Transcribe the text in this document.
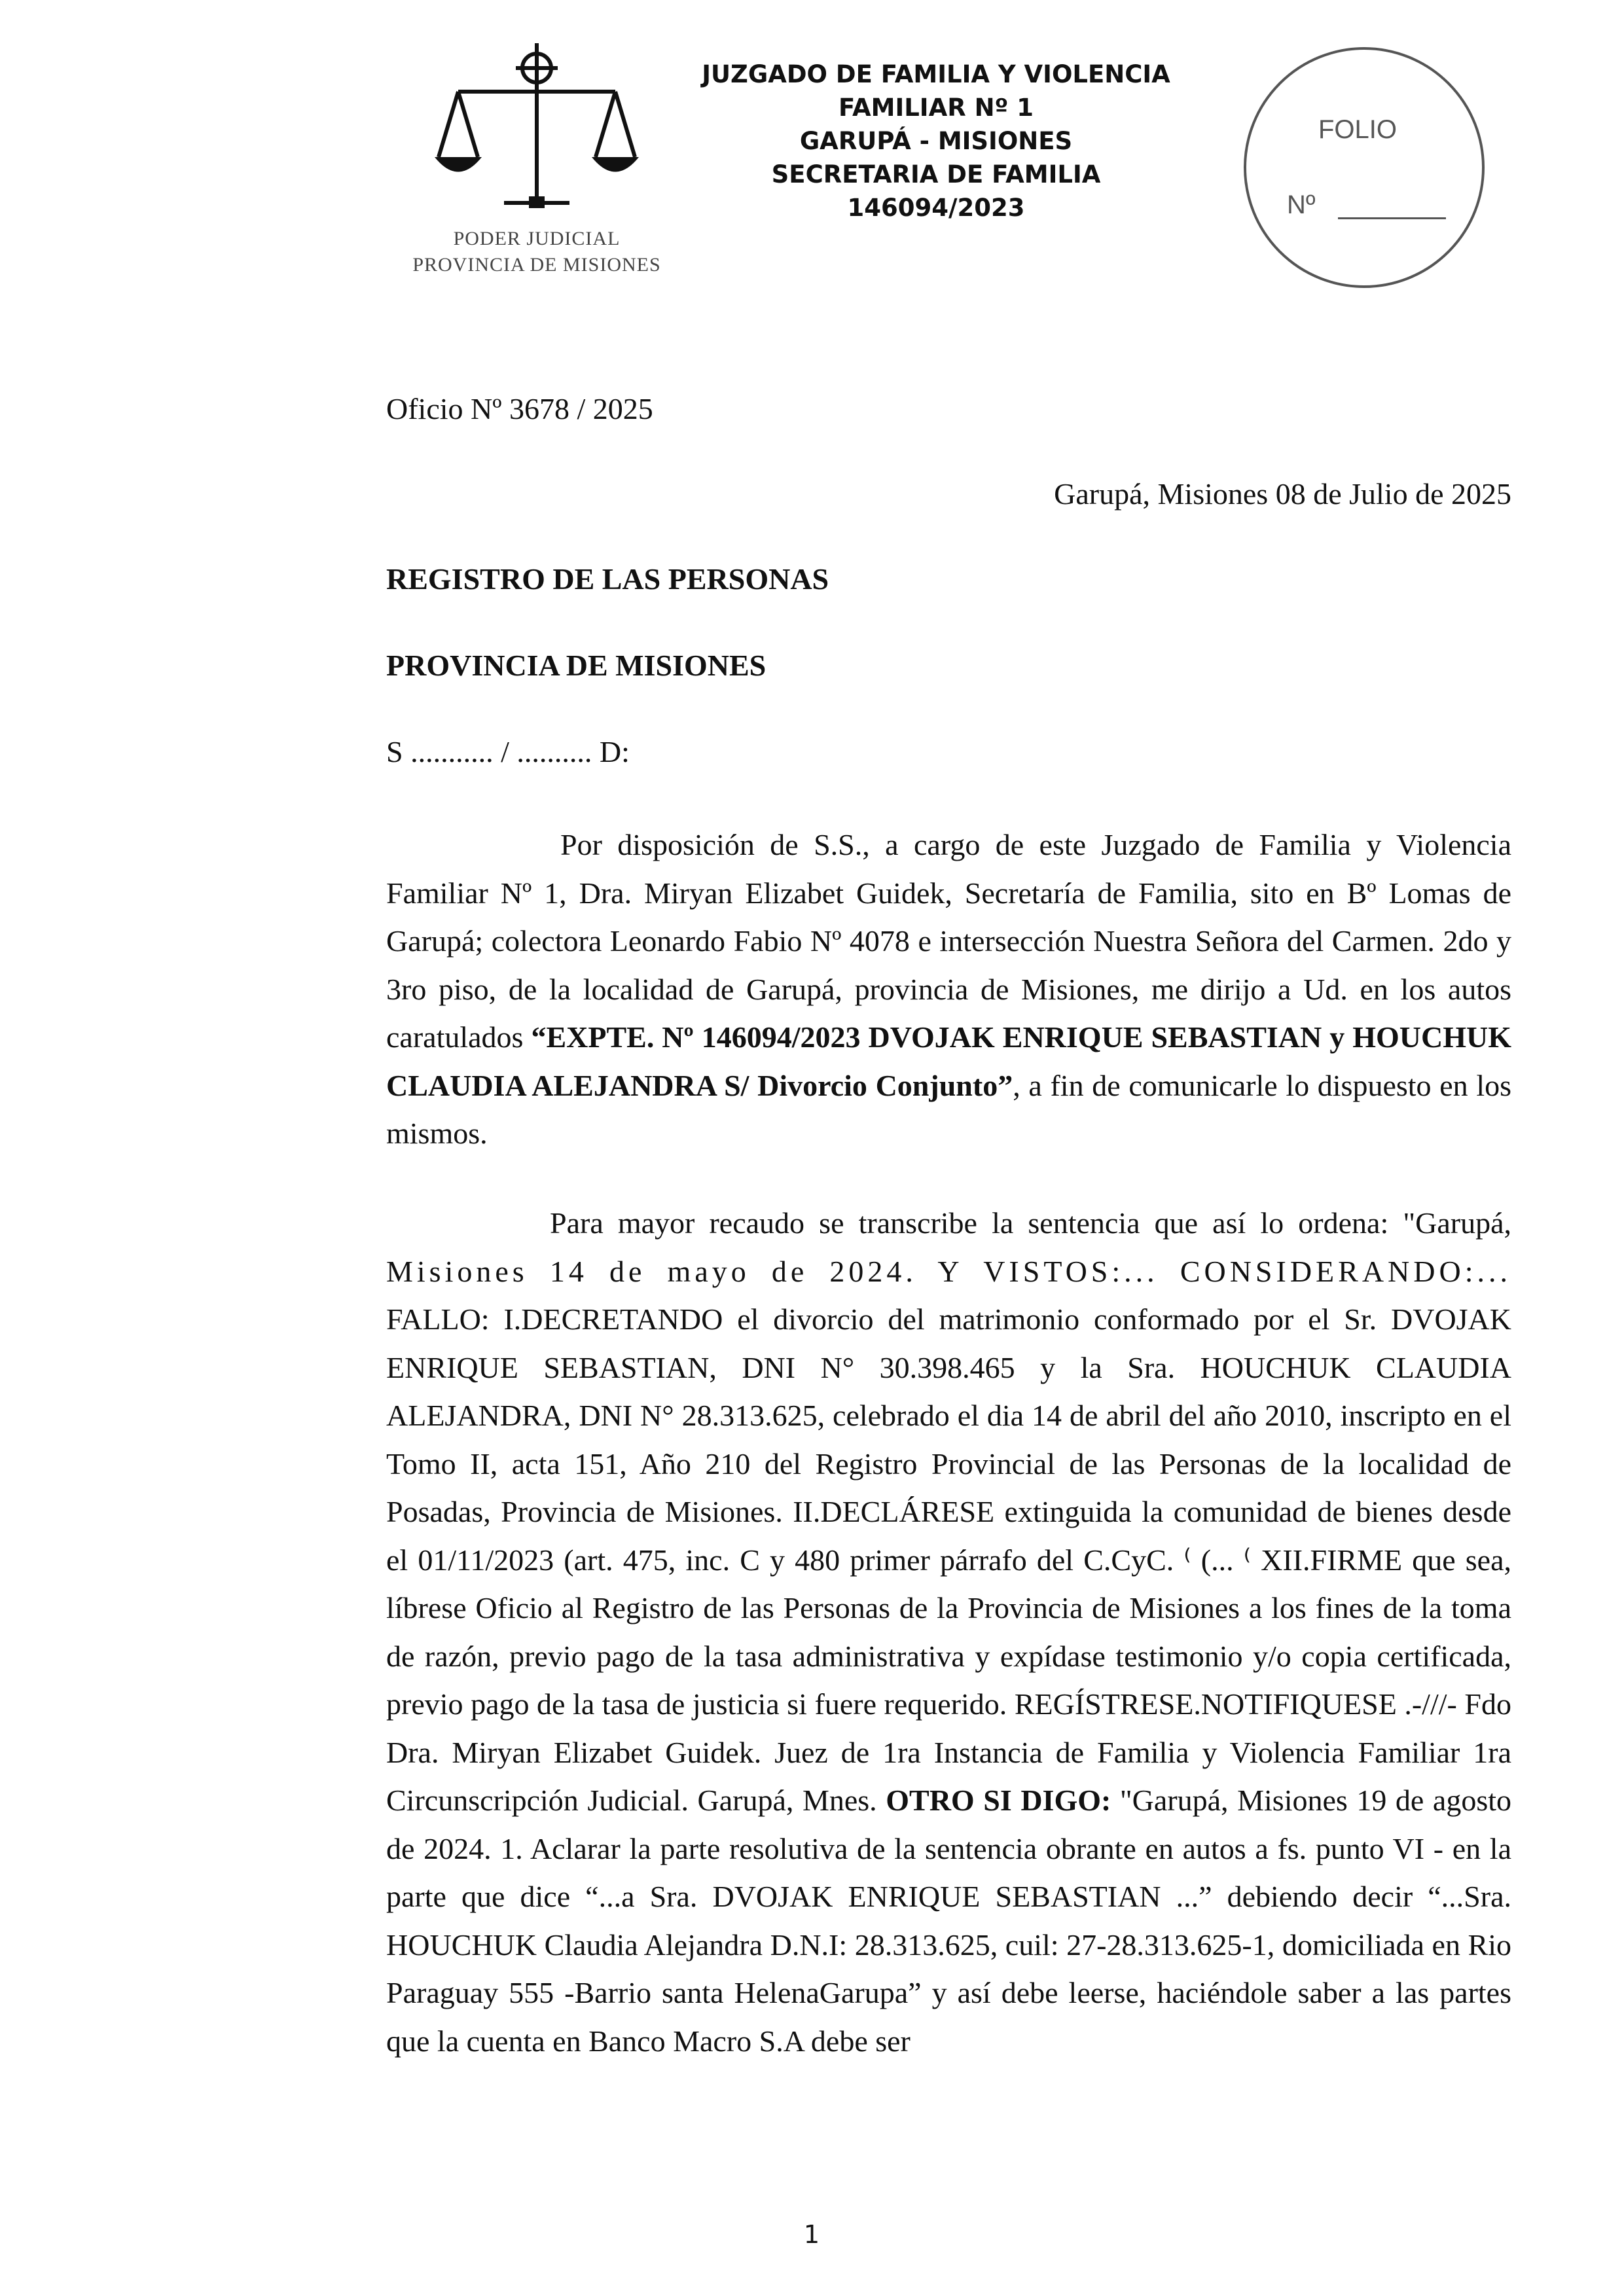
PODER JUDICIAL
PROVINCIA DE MISIONES
JUZGADO DE FAMILIA Y VIOLENCIA
FAMILIAR Nº 1
GARUPÁ - MISIONES
SECRETARIA DE FAMILIA
146094/2023
FOLIO
Nº
Oficio Nº 3678 / 2025
Garupá, Misiones 08 de Julio de 2025
REGISTRO DE LAS PERSONAS
PROVINCIA DE MISIONES
S ........... / .......... D:

Por disposición de S.S., a cargo de este Juzgado de Familia y Violencia Familiar Nº 1, Dra. Miryan Elizabet Guidek, Secretaría de Familia, sito en Bº Lomas de Garupá; colectora Leonardo Fabio Nº 4078 e intersección Nuestra Señora del Carmen. 2do y 3ro piso, de la localidad de Garupá, provincia de Misiones, me dirijo a Ud. en los autos caratulados “EXPTE. Nº 146094/2023 DVOJAK ENRIQUE SEBASTIAN y HOUCHUK CLAUDIA ALEJANDRA S/ Divorcio Conjunto”, a fin de comunicarle lo dispuesto en los mismos.

Para mayor recaudo se transcribe la sentencia que así lo ordena: "Garupá, Misiones 14 de mayo de 2024. Y VISTOS:... CONSIDERANDO:... FALLO: I.DECRETANDO el divorcio del matrimonio conformado por el Sr. DVOJAK ENRIQUE SEBASTIAN, DNI N° 30.398.465 y la Sra. HOUCHUK CLAUDIA ALEJANDRA, DNI N° 28.313.625, celebrado el dia 14 de abril del año 2010, inscripto en el Tomo II, acta 151, Año 210 del Registro Provincial de las Personas de la localidad de Posadas, Provincia de Misiones. II.DECLÁRESE extinguida la comunidad de bienes desde el 01/11/2023 (art. 475, inc. C y 480 primer párrafo del C.CyC. ⁽ (... ⁽ XII.FIRME que sea, líbrese Oficio al Registro de las Personas de la Provincia de Misiones a los fines de la toma de razón, previo pago de la tasa administrativa y expídase testimonio y/o copia certificada, previo pago de la tasa de justicia si fuere requerido. REGÍSTRESE.NOTIFIQUESE .-///- Fdo Dra. Miryan Elizabet Guidek. Juez de 1ra Instancia de Familia y Violencia Familiar 1ra Circunscripción Judicial. Garupá, Mnes. OTRO SI DIGO: "Garupá, Misiones 19 de agosto de 2024. 1. Aclarar la parte resolutiva de la sentencia obrante en autos a fs. punto VI - en la parte que dice “...a Sra. DVOJAK ENRIQUE SEBASTIAN ...” debiendo decir “...Sra. HOUCHUK Claudia Alejandra D.N.I: 28.313.625, cuil: 27-28.313.625-1, domiciliada en Rio Paraguay 555 -Barrio santa HelenaGarupa” y así debe leerse, haciéndole saber a las partes que la cuenta en Banco Macro S.A debe ser

1
